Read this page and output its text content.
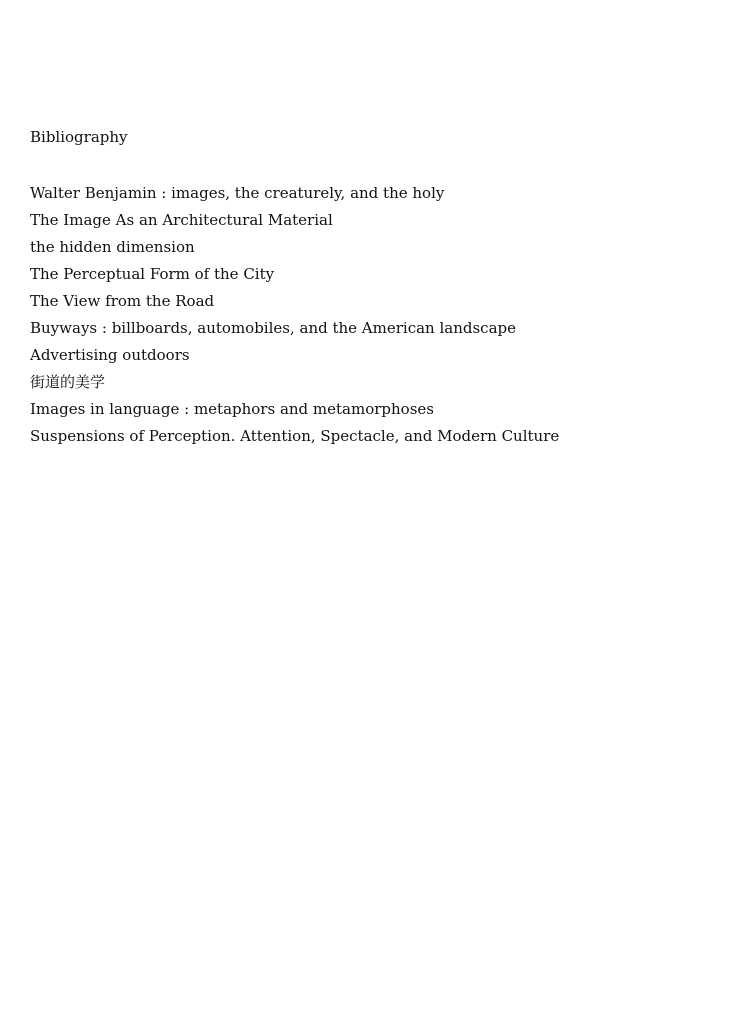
Bibliography
Walter Benjamin : images, the creaturely, and the holy
The Image As an Architectural Material
the hidden dimension
The Perceptual Form of the City
The View from the Road
Buyways : billboards, automobiles, and the American landscape
Advertising outdoors
街道的美学
Images in language : metaphors and metamorphoses
Suspensions of Perception. Attention, Spectacle, and Modern Culture
